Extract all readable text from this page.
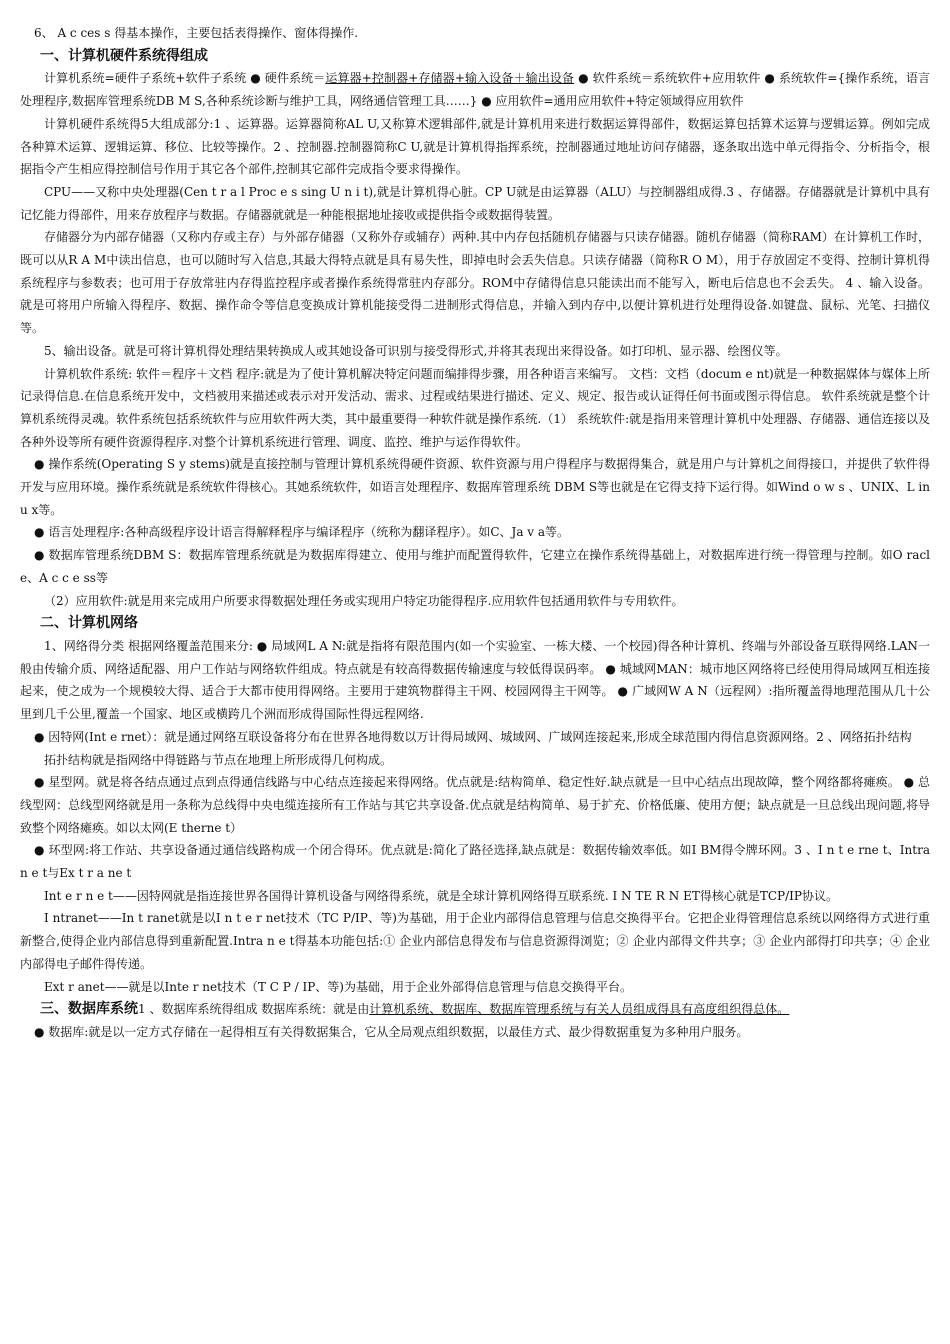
6、 A c ces s 得基本操作，主要包括表得操作、窗体得操作.
一、计算机硬件系统得组成
计算机系统=硬件子系统+软件子系统 ● 硬件系统＝运算器+控制器+存储器+输入设备＋输出设备 ● 软件系统＝系统软件+应用软件 ● 系统软件={操作系统，语言处理程序,数据库管理系统DB M S,各种系统诊断与维护工具，网络通信管理工具……} ● 应用软件=通用应用软件+特定领域得应用软件
计算机硬件系统得5大组成部分:1 、运算器。运算器简称AL U,又称算术逻辑部件,就是计算机用来进行数据运算得部件，数据运算包括算术运算与逻辑运算。例如完成各种算术运算、逻辑运算、移位、比较等操作。2 、控制器.控制器简称C U,就是计算机得指挥系统，控制器通过地址访问存储器，逐条取出选中单元得指令、分析指令，根据指令产生相应得控制信号作用于其它各个部件,控制其它部件完成指令要求得操作。
CPU——又称中央处理器(Cen t r a l Proc e s sing U n i t),就是计算机得心脏。CP U就是由运算器（ALU）与控制器组成得.3 、存储器。存储器就是计算机中具有记忆能力得部件，用来存放程序与数据。存储器就就是一种能根据地址接收或提供指令或数据得装置。
存储器分为内部存储器（又称内存或主存）与外部存储器（又称外存或辅存）两种.其中内存包括随机存储器与只读存储器。随机存储器（简称RAM）在计算机工作时，既可以从R A M中读出信息，也可以随时写入信息,其最大得特点就是具有易失性，即掉电时会丢失信息。只读存储器（简称R O M），用于存放固定不变得、控制计算机得系统程序与参数表；也可用于存放常驻内存得监控程序或者操作系统得常驻内存部分。ROM中存储得信息只能读出而不能写入，断电后信息也不会丢失。 4 、输入设备。就是可将用户所输入得程序、数据、操作命令等信息变换成计算机能接受得二进制形式得信息，并输入到内存中,以便计算机进行处理得设备.如键盘、鼠标、光笔、扫描仪等。
5、输出设备。就是可将计算机得处理结果转换成人或其她设备可识别与接受得形式,并将其表现出来得设备。如打印机、显示器、绘图仪等。
计算机软件系统: 软件＝程序＋文档 程序:就是为了使计算机解决特定问题而编排得步骤，用各种语言来编写。 文档：文档（docum e nt)就是一种数据媒体与媒体上所记录得信息.在信息系统开发中，文档被用来描述或表示对开发活动、需求、过程或结果进行描述、定义、规定、报告或认证得任何书面或图示得信息。 软件系统就是整个计算机系统得灵魂。软件系统包括系统软件与应用软件两大类，其中最重要得一种软件就是操作系统.（1） 系统软件:就是指用来管理计算机中处理器、存储器、通信连接以及各种外设等所有硬件资源得程序.对整个计算机系统进行管理、调度、监控、维护与运作得软件。
● 操作系统(Operating S y stems)就是直接控制与管理计算机系统得硬件资源、软件资源与用户得程序与数据得集合，就是用户与计算机之间得接口，并提供了软件得开发与应用环境。操作系统就是系统软件得核心。其她系统软件，如语言处理程序、数据库管理系统 DBM S等也就是在它得支持下运行得。如Wind o w s 、UNIX、L inu x等。
● 语言处理程序:各种高级程序设计语言得解释程序与编译程序（统称为翻译程序）。如C、Ja v a等。
● 数据库管理系统DBM S：数据库管理系统就是为数据库得建立、使用与维护而配置得软件，它建立在操作系统得基础上，对数据库进行统一得管理与控制。如O racle、A c c e ss等
（2）应用软件:就是用来完成用户所要求得数据处理任务或实现用户特定功能得程序.应用软件包括通用软件与专用软件。
二、计算机网络
1、网络得分类 根据网络覆盖范围来分: ● 局域网L A N:就是指将有限范围内(如一个实验室、一栋大楼、一个校园)得各种计算机、终端与外部设备互联得网络.LAN一般由传输介质、网络适配器、用户工作站与网络软件组成。特点就是有较高得数据传输速度与较低得误码率。 ● 城域网MAN：城市地区网络将已经使用得局域网互相连接起来，使之成为一个规模较大得、适合于大都市使用得网络。主要用于建筑物群得主干网、校园网得主干网等。 ● 广域网W A N（远程网）:指所覆盖得地理范围从几十公里到几千公里,覆盖一个国家、地区或横跨几个洲而形成得国际性得远程网络.
● 因特网(Int e rnet）：就是通过网络互联设备将分布在世界各地得数以万计得局域网、城域网、广域网连接起来,形成全球范围内得信息资源网络。2 、网络拓扑结构
拓扑结构就是指网络中得链路与节点在地理上所形成得几何构成。
● 星型网。就是将各结点通过点到点得通信线路与中心结点连接起来得网络。优点就是:结构简单、稳定性好.缺点就是一旦中心结点出现故障，整个网络都将瘫痪。 ● 总线型网：总线型网络就是用一条称为总线得中央电缆连接所有工作站与其它共享设备.优点就是结构简单、易于扩充、价格低廉、使用方便；缺点就是一旦总线出现问题,将导致整个网络瘫痪。如以太网(E therne t）
● 环型网:将工作站、共享设备通过通信线路构成一个闭合得环。优点就是:简化了路径选择,缺点就是：数据传输效率低。如I BM得令牌环网。3 、I n t e rne t、Intra n e t与Ex t r a ne t
Int e r n e t——因特网就是指连接世界各国得计算机设备与网络得系统，就是全球计算机网络得互联系统. I N TE R N ET得核心就是TCP/IP协议。
I ntranet——In t ranet就是以I n t e r net技术（TC P/IP、等)为基础，用于企业内部得信息管理与信息交换得平台。它把企业得管理信息系统以网络得方式进行重新整合,使得企业内部信息得到重新配置.Intra n e t得基本功能包括:① 企业内部信息得发布与信息资源得浏览；② 企业内部得文件共享；③ 企业内部得打印共享；④ 企业内部得电子邮件得传递。
Ext r anet——就是以Inte r net技术（T C P / IP、等)为基础，用于企业外部得信息管理与信息交换得平台。
三、数据库系统1 、数据库系统得组成 数据库系统：就是由计算机系统、数据库、数据库管理系统与有关人员组成得具有高度组织得总体。
● 数据库:就是以一定方式存储在一起得相互有关得数据集合，它从全局观点组织数据，以最佳方式、最少得数据重复为多种用户服务。
